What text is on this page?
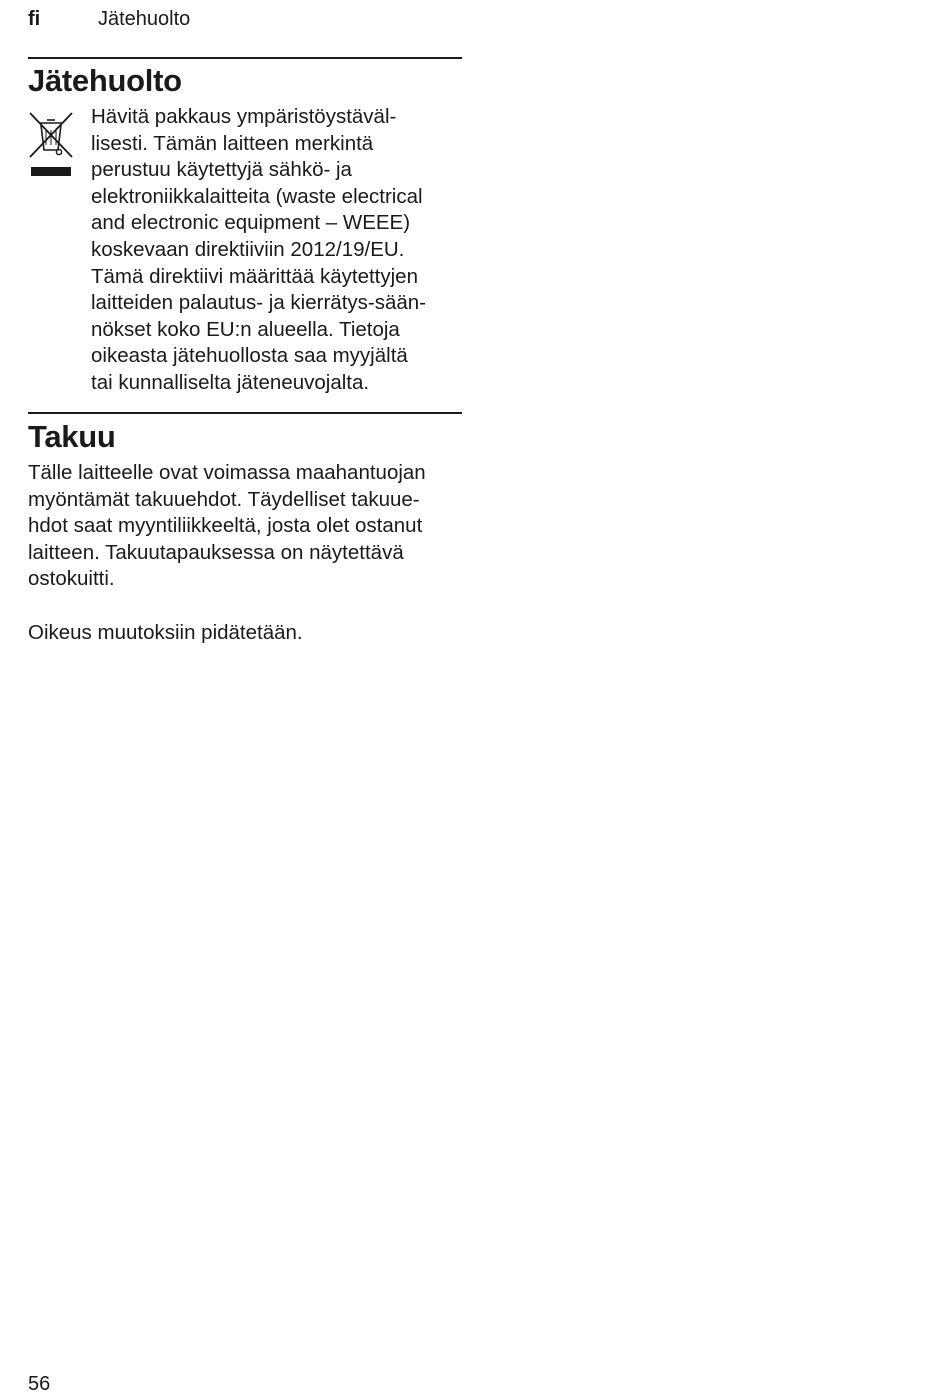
fi	Jätehuolto
Jätehuolto
Hävitä pakkaus ympäristöystäväl-
lisesti. Tämän laitteen merkintä
perustuu käytettyjä sähkö- ja
elektroniikkalaitteita (waste electrical
and electronic equipment – WEEE)
koskevaan direktiiviin 2012/19/EU.
Tämä direktiivi määrittää käytettyjen
laitteiden palautus- ja kierrätys-sään-
nökset koko EU:n alueella. Tietoja
oikeasta jätehuollosta saa myyjältä
tai kunnalliselta jäteneuvojalta.
Takuu
Tälle laitteelle ovat voimassa maahantuojan
myöntämät takuuehdot. Täydelliset takuue-
hdot saat myyntiliikkeeltä, josta olet ostanut
laitteen. Takuutapauksessa on näytettävä
ostokuitti.
Oikeus muutoksiin pidätetään.
56
